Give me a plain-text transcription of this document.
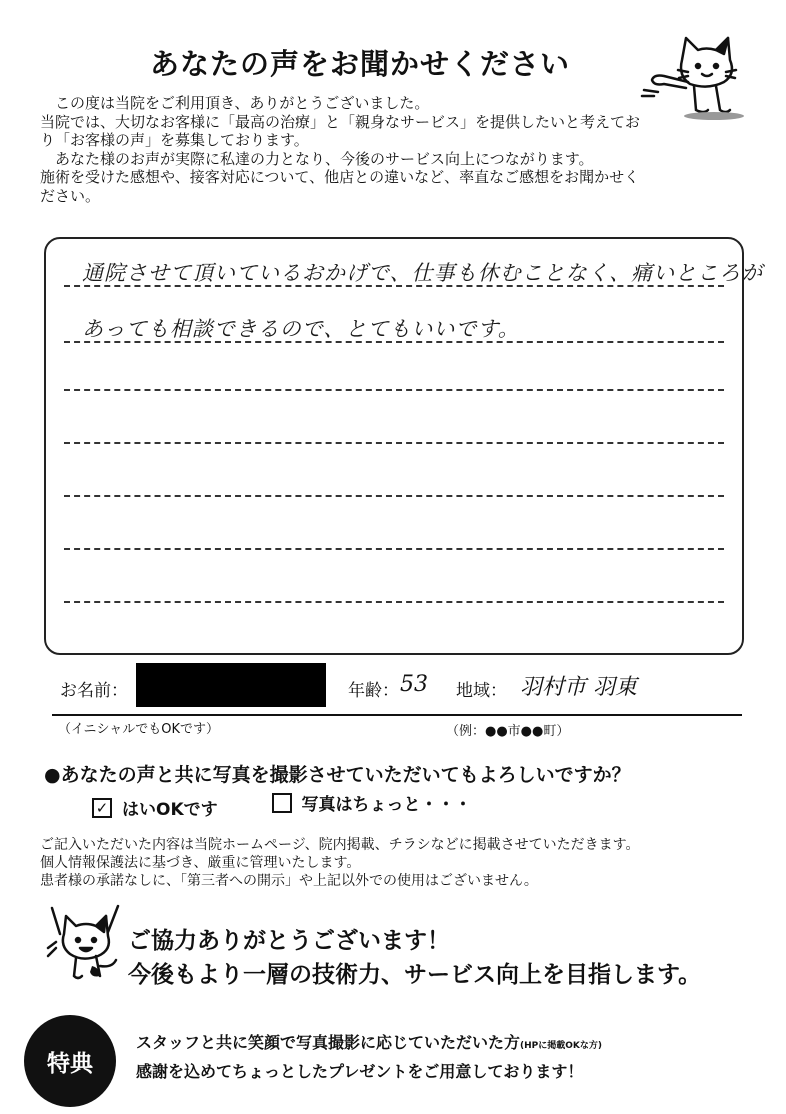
あなたの声をお聞かせください

　この度は当院をご利用頂き、ありがとうございました。

当院では、大切なお客様に「最高の治療」と「親身なサービス」を提供したいと考えてお

り「お客様の声」を募集しております。

　あなた様のお声が実際に私達の力となり、今後のサービス向上につながります。

施術を受けた感想や、接客対応について、他店との違いなど、率直なご感想をお聞かせく

ださい。

通院させて頂いているおかげで、仕事も休むことなく、痛いところが
あっても相談できるので、とてもいいです。
お名前：	年齢： 53 地域： 羽村市 羽東
（イニシャルでもOKです）	（例：●●市●●町）
●あなたの声と共に写真を撮影させていただいてもよろしいですか？
✓ はいOKです
	写真はちょっと・・・

ご記入いただいた内容は当院ホームページ、院内掲載、チラシなどに掲載させていただきます。

個人情報保護法に基づき、厳重に管理いたします。

患者様の承諾なしに、「第三者への開示」や上記以外での使用はございません。

ご協力ありがとうございます！

今後もより一層の技術力、サービス向上を目指します。

特典

スタッフと共に笑顔で写真撮影に応じていただいた方(HPに掲載OKな方)

感謝を込めてちょっとしたプレゼントをご用意しております！
